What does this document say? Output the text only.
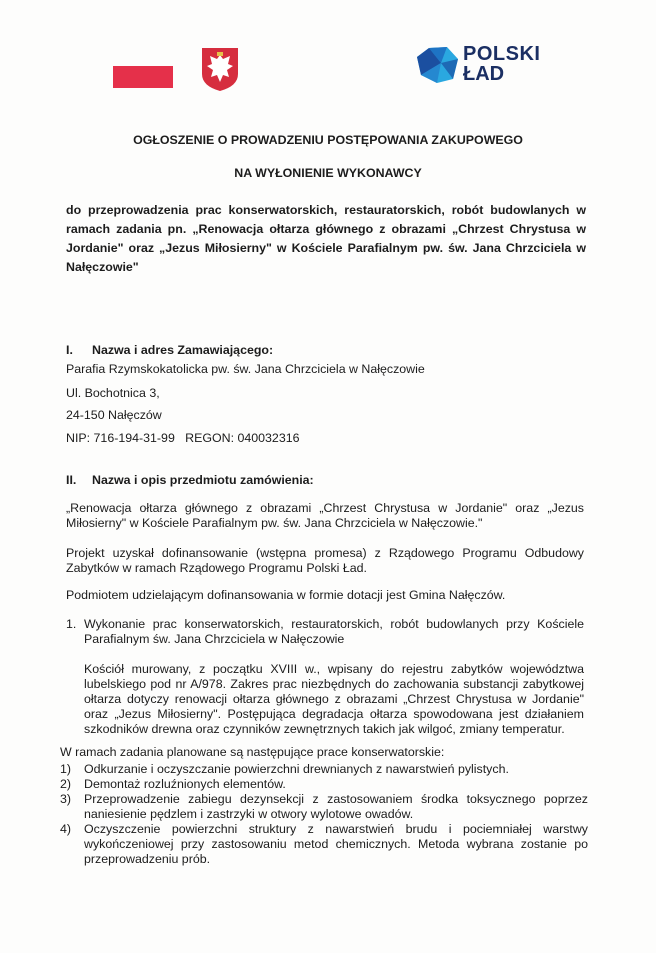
POLSKI
ŁAD
OGŁOSZENIE O PROWADZENIU POSTĘPOWANIA ZAKUPOWEGO
NA WYŁONIENIE WYKONAWCY
do przeprowadzenia prac konserwatorskich, restauratorskich, robót budowlanych w ramach zadania pn. „Renowacja ołtarza głównego z obrazami „Chrzest Chrystusa w Jordanie" oraz „Jezus Miłosierny" w Kościele Parafialnym pw. św. Jana Chrzciciela w Nałęczowie"
I. Nazwa i adres Zamawiającego:
Parafia Rzymskokatolicka pw. św. Jana Chrzciciela w Nałęczowie
Ul. Bochotnica 3,
24-150 Nałęczów
NIP: 716-194-31-99   REGON: 040032316
II. Nazwa i opis przedmiotu zamówienia:
„Renowacja ołtarza głównego z obrazami „Chrzest Chrystusa w Jordanie" oraz „Jezus Miłosierny" w Kościele Parafialnym pw. św. Jana Chrzciciela w Nałęczowie."
Projekt uzyskał dofinansowanie (wstępna promesa) z Rządowego Programu Odbudowy Zabytków w ramach Rządowego Programu Polski Ład.
Podmiotem udzielającym dofinansowania w formie dotacji jest Gmina Nałęczów.
1. Wykonanie prac konserwatorskich, restauratorskich, robót budowlanych przy Kościele Parafialnym św. Jana Chrzciciela w Nałęczowie
Kościół murowany, z początku XVIII w., wpisany do rejestru zabytków województwa lubelskiego pod nr A/978. Zakres prac niezbędnych do zachowania substancji zabytkowej ołtarza dotyczy renowacji ołtarza głównego z obrazami „Chrzest Chrystusa w Jordanie" oraz „Jezus Miłosierny". Postępująca degradacja ołtarza spowodowana jest działaniem szkodników drewna oraz czynników zewnętrznych takich jak wilgoć, zmiany temperatur.
W ramach zadania planowane są następujące prace konserwatorskie:
1)	Odkurzanie i oczyszczanie powierzchni drewnianych z nawarstwień pylistych.
2)	Demontaż rozluźnionych elementów.
3)	Przeprowadzenie zabiegu dezynsekcji z zastosowaniem środka toksycznego poprzez naniesienie pędzlem i zastrzyki w otwory wylotowe owadów.
4)	Oczyszczenie powierzchni struktury z nawarstwień brudu i pociemniałej warstwy wykończeniowej przy zastosowaniu metod chemicznych. Metoda wybrana zostanie po przeprowadzeniu prób.
